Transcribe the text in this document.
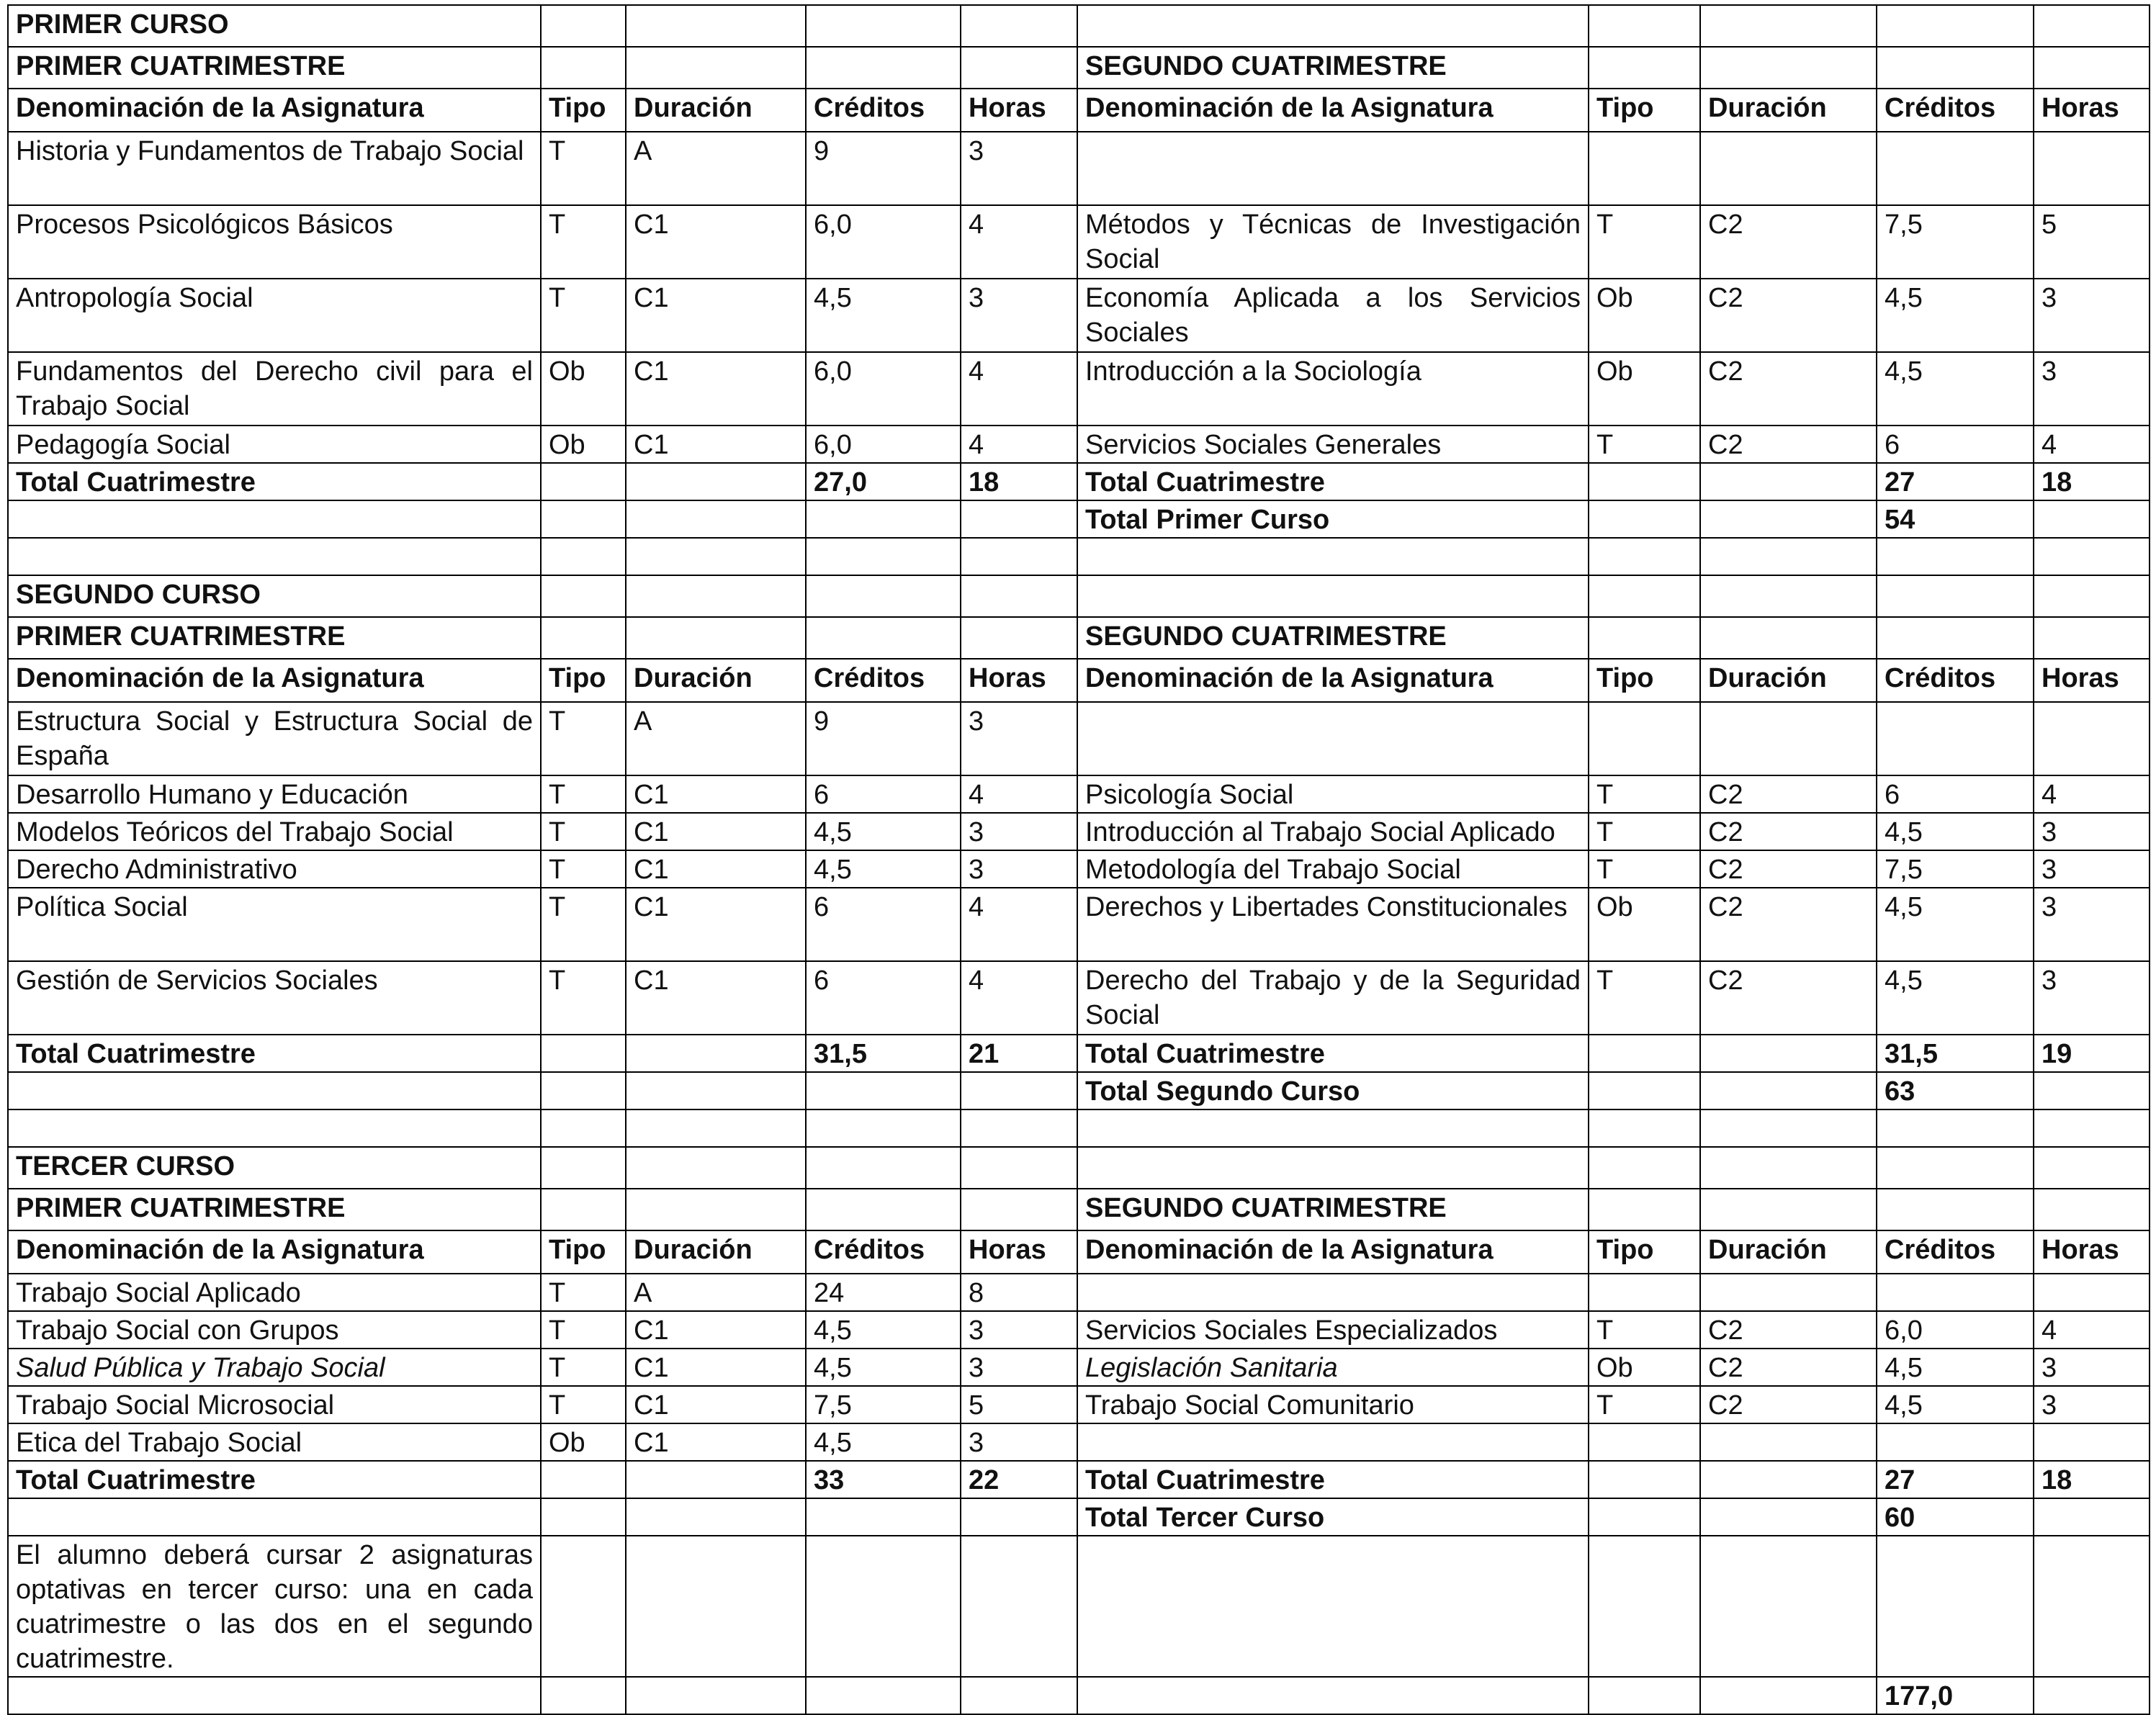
PRIMER CURSO									
PRIMER CUATRIMESTRE					SEGUNDO CUATRIMESTRE				
Denominación de la Asignatura	Tipo	Duración	Créditos	Horas	Denominación de la Asignatura	Tipo	Duración	Créditos	Horas
Historia y Fundamentos de Trabajo Social	T	A	9	3					
Procesos Psicológicos Básicos	T	C1	6,0	4	Métodos y Técnicas de Investigación Social	T	C2	7,5	5
Antropología Social	T	C1	4,5	3	Economía Aplicada a los Servicios Sociales	Ob	C2	4,5	3
Fundamentos del Derecho civil para el Trabajo Social	Ob	C1	6,0	4	Introducción a la Sociología	Ob	C2	4,5	3
Pedagogía Social	Ob	C1	6,0	4	Servicios Sociales Generales	T	C2	6	4
Total Cuatrimestre			27,0	18	Total Cuatrimestre			27	18
					Total Primer Curso			54	

SEGUNDO CURSO									
PRIMER CUATRIMESTRE					SEGUNDO CUATRIMESTRE				
Denominación de la Asignatura	Tipo	Duración	Créditos	Horas	Denominación de la Asignatura	Tipo	Duración	Créditos	Horas
Estructura Social y Estructura Social de España	T	A	9	3					
Desarrollo Humano y Educación	T	C1	6	4	Psicología Social	T	C2	6	4
Modelos Teóricos del Trabajo Social	T	C1	4,5	3	Introducción al Trabajo Social Aplicado	T	C2	4,5	3
Derecho Administrativo	T	C1	4,5	3	Metodología del Trabajo Social	T	C2	7,5	3
Política Social	T	C1	6	4	Derechos y Libertades Constitucionales	Ob	C2	4,5	3
Gestión de Servicios Sociales	T	C1	6	4	Derecho del Trabajo y de la Seguridad Social	T	C2	4,5	3
Total Cuatrimestre			31,5	21	Total Cuatrimestre			31,5	19
					Total Segundo Curso			63	

TERCER CURSO									
PRIMER CUATRIMESTRE					SEGUNDO CUATRIMESTRE				
Denominación de la Asignatura	Tipo	Duración	Créditos	Horas	Denominación de la Asignatura	Tipo	Duración	Créditos	Horas
Trabajo Social Aplicado	T	A	24	8					
Trabajo Social con Grupos	T	C1	4,5	3	Servicios Sociales Especializados	T	C2	6,0	4
Salud Pública y Trabajo Social	T	C1	4,5	3	Legislación Sanitaria	Ob	C2	4,5	3
Trabajo Social Microsocial	T	C1	7,5	5	Trabajo Social Comunitario	T	C2	4,5	3
Etica del Trabajo Social	Ob	C1	4,5	3					
Total Cuatrimestre			33	22	Total Cuatrimestre			27	18
					Total Tercer Curso			60	
El alumno deberá cursar 2 asignaturas optativas en tercer curso: una en cada cuatrimestre o las dos en el segundo cuatrimestre.									
								177,0	
